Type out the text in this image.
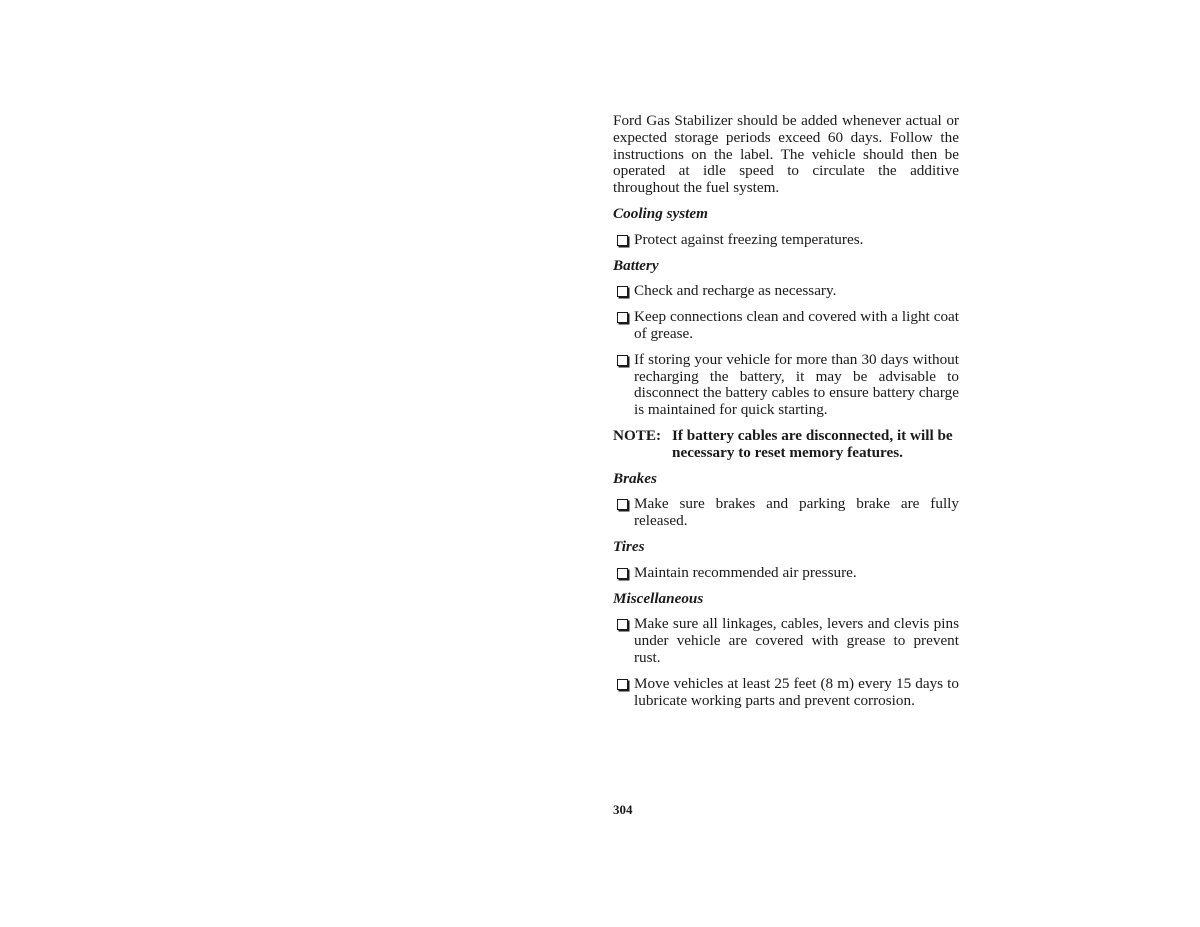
Ford Gas Stabilizer should be added whenever actual or expected storage periods exceed 60 days. Follow the instructions on the label. The vehicle should then be operated at idle speed to circulate the additive throughout the fuel system.

Cooling system
Protect against freezing temperatures.
Battery
Check and recharge as necessary.
Keep connections clean and covered with a light coat of grease.
If storing your vehicle for more than 30 days without recharging the battery, it may be advisable to disconnect the battery cables to ensure battery charge is maintained for quick starting.
NOTE: If battery cables are disconnected, it will be necessary to reset memory features.
Brakes
Make sure brakes and parking brake are fully released.
Tires
Maintain recommended air pressure.
Miscellaneous
Make sure all linkages, cables, levers and clevis pins under vehicle are covered with grease to prevent rust.
Move vehicles at least 25 feet (8 m) every 15 days to lubricate working parts and prevent corrosion.
304
